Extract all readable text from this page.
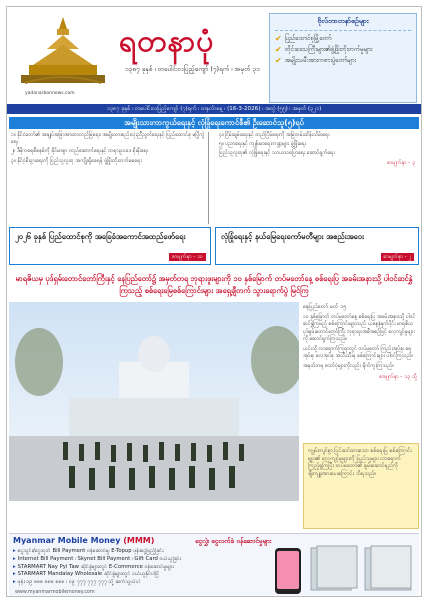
ရတနာပုံ
၁၃၈၇ ခုနှစ် ၊ တပေါင်းလပြည့်ကျော် (၇)ရက် ၊ အမှတ် ၃၁
yadanarbonnews.com
ဗိုလ်တာတနာ်စဉ်များ
✔ ပြည်ထောင်စုမြို့တော်
✔ တိုင်းဒေသကြီးများ၏ဖွံ့ဖြိုးတိုးတက်မှုများ
✔ အမျိုးသမီးအားကစားပွဲတော်များ
၁၃၈၇ ခုနှစ် ၊ တပေါင်းလပြည့်ကျော် (၇)ရက် ၊ တနင်္လာနေ့ ၊ (16-3-2026) ၊ အတွဲ (၅၅) ၊ အမှတ် (၃၂၁)
အမျိုးသားကာကွယ်ရေးနှင့် လုံခြုံရေးကောင်စီ၏ ဦးဆောင်သူ(၅)ရပ်

၁။ နိုင်ငံတော်၏ အချုပ်အခြာအာဏာတည်မြဲရေး၊ အမျိုးသားစည်းလုံးညီညွတ်ရေးနှင့် ပြည်ထောင်စု မပြိုကွဲရေး

၂။ ဒီမိုကရေစီစနစ်ကို ခိုင်မာစွာ တည်ဆောက်ရေးနှင့် တရားဥပဒေ စိုးမိုးရေး

၃။ နိုင်ငံ့စီးပွားရေးကို ပြည်သူလူထု အကျိုးရှိစေရန် ဖွံ့ဖြိုးတိုးတက်စေရေး

၄။ ငြိမ်းချမ်းရေးနှင့် တည်ငြိမ်ရေးကို အမြဲတမ်းထိန်းသိမ်းရေး

၅။ ပညာရေးနှင့် ကျန်းမာရေးကဏ္ဍများ ဖွံ့ဖြိုးရေး

ပြည်သူလူထု၏ လုံခြုံရေးနှင့် သာယာဝပြောရေး ဆောင်ရွက်ရေး

စာမျက်နှာ - ၃
၂၀၂၆ ခုနှစ် ပြည်ထောင်စုကို အခြေခံအကောင်အထည်ဖော်ရေး
စာမျက်နှာ - ၁၀
လုံခြုံရေးနှင့် နယ်မြေရေးကော်မတီများ အစည်းအဝေး
စာမျက်နှာ - ၂
မာရဇိယမှ ပုဒ်ရှမ်းတောင်တော်ကြီးနှင့် နေပြည်တော်၌ အမှတ်တရ ဘုရားဖူးများကို ၁၀ နှစ်မြောက် တပ်မတော်နေ့ စစ်ရေးပြ အခမ်းအနားသို့ ပါဝင်ဆင်နွှဲကြသည့် စစ်ရေးမြေစစ်ကြောင်းများ အရှေ့ချီတက် သွားရောက်ပွဲ မြင်ကြ

နေပြည်တော် မတ် ၁၅

၁၀ နှစ်မြောက် တပ်မတော်နေ့ စစ်ရေးပြ အခမ်းအနားသို့ ပါဝင်ဆင်နွှဲကြမည့် စစ်ကြောင်းများသည် ယနေ့နံနက်ပိုင်း မာရဇိယ ပုဒ်ရှမ်းတောင်တော်ကြီး ဘုရားဖူးအစီအစဉ်ဖြင့် လေ့ကျင့်မှုများကို ဆောင်ရွက်ကြသည်။

ယင်းသို့ လာရောက်ကြရာတွင် တပ်မတော် ကြည်းအုပ်စု၊ ရေအုပ်စု၊ လေအုပ်စု အသီးသီးမှ စစ်ကြောင်းများ ပါဝင်ကြသည်။

အမှတ်တရ ဓာတ်ပုံများကိုလည်း ရိုက်ကူးကြသည်။

စာမျက်နှာ - ၁၃ သို့
ကျွမ်းကျင်စွာ ပြင်ဆင်ထားသော စစ်ရေးပြ စစ်ကြောင်းများ၏ လေ့ကျင့်မှုများကို ပြည်သူများ လာရောက်ကြည့်ရှုကြပြီး တပ်မတော်၏ စွမ်းဆောင်ရည်ကို ချီးကျူးအားပေးကြောင်း သိရသည်။
Myanmar Mobile Money (MMM)	ငွေလွှဲ၊ ငွေလက်ခံ ဝန်ဆောင်မှုများ
▸ ငွေသွင်း/ငွေထုတ် Bill Payment ဝန်ဆောင်မှု၊ E-Topup ဖုန်းငွေဖြည့်ခြင်း
▸ Internet Bill Payment ၊ Skynet Bill Payment ၊ Gift Card ဝယ်ယူခြင်း
▸ STARMART Nay Pyi Taw ဆိုင်ခွဲများတွင် E-Commerce ဝန်ဆောင်မှုများ
▸ STARMART Mandalay Wholesale ဆိုင်ခွဲများတွင် ဝယ်ယူနိုင်ပါပြီ
▸ ဖုန်း ၀၉ ၈၈၈ ၈၈၈ ၈၈၈ ၊ ၀၉ ၇၇၇ ၇၇၇ ၇၇၇ သို့ ဆက်သွယ်ပါ
www.myanmarmobilemoney.com
